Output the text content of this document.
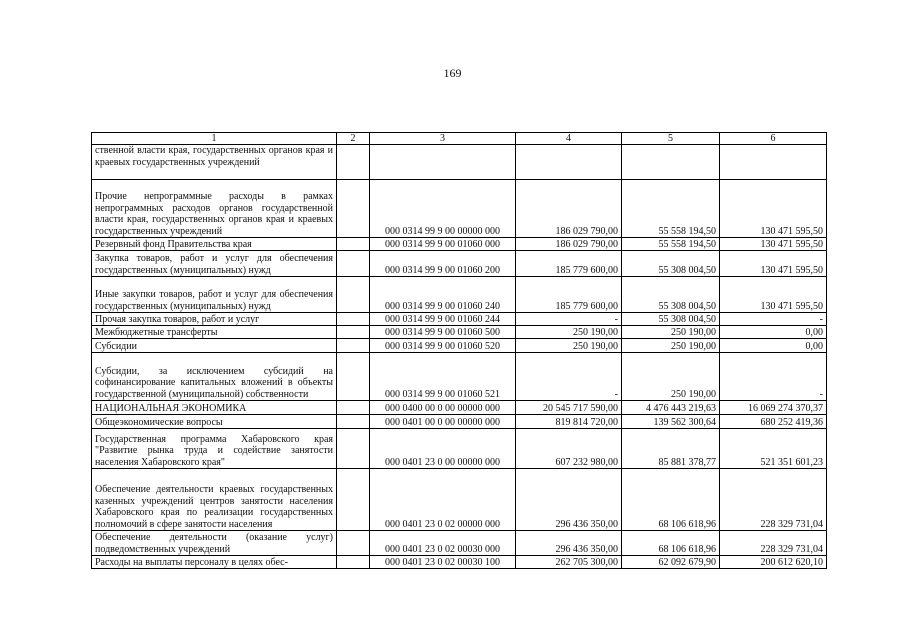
169
1	2	3	4	5	6
ственной власти края, государственных органов края и краевых государственных учреждений					
Прочие непрограммные расходы в рамках непрограммных расходов органов государственной власти края, государственных органов края и краевых государственных учреждений		000 0314 99 9 00 00000 000	186 029 790,00	55 558 194,50	130 471 595,50
Резервный фонд Правительства края		000 0314 99 9 00 01060 000	186 029 790,00	55 558 194,50	130 471 595,50
Закупка товаров, работ и услуг для обеспечения государственных (муниципальных) нужд		000 0314 99 9 00 01060 200	185 779 600,00	55 308 004,50	130 471 595,50
Иные закупки товаров, работ и услуг для обеспечения государственных (муниципальных) нужд		000 0314 99 9 00 01060 240	185 779 600,00	55 308 004,50	130 471 595,50
Прочая закупка товаров, работ и услуг		000 0314 99 9 00 01060 244	-	55 308 004,50	-
Межбюджетные трансферты		000 0314 99 9 00 01060 500	250 190,00	250 190,00	0,00
Субсидии		000 0314 99 9 00 01060 520	250 190,00	250 190,00	0,00
Субсидии, за исключением субсидий на софинансирование капитальных вложений в объекты государственной (муниципальной) собственности		000 0314 99 9 00 01060 521	-	250 190,00	-
НАЦИОНАЛЬНАЯ ЭКОНОМИКА		000 0400 00 0 00 00000 000	20 545 717 590,00	4 476 443 219,63	16 069 274 370,37
Общеэкономические вопросы		000 0401 00 0 00 00000 000	819 814 720,00	139 562 300,64	680 252 419,36
Государственная программа Хабаровского края "Развитие рынка труда и содействие занятости населения Хабаровского края"		000 0401 23 0 00 00000 000	607 232 980,00	85 881 378,77	521 351 601,23
Обеспечение деятельности краевых государственных казенных учреждений центров занятости населения Хабаровского края по реализации государственных полномочий в сфере занятости населения		000 0401 23 0 02 00000 000	296 436 350,00	68 106 618,96	228 329 731,04
Обеспечение деятельности (оказание услуг) подведомственных учреждений		000 0401 23 0 02 00030 000	296 436 350,00	68 106 618,96	228 329 731,04
Расходы на выплаты персоналу в целях обес-		000 0401 23 0 02 00030 100	262 705 300,00	62 092 679,90	200 612 620,10
